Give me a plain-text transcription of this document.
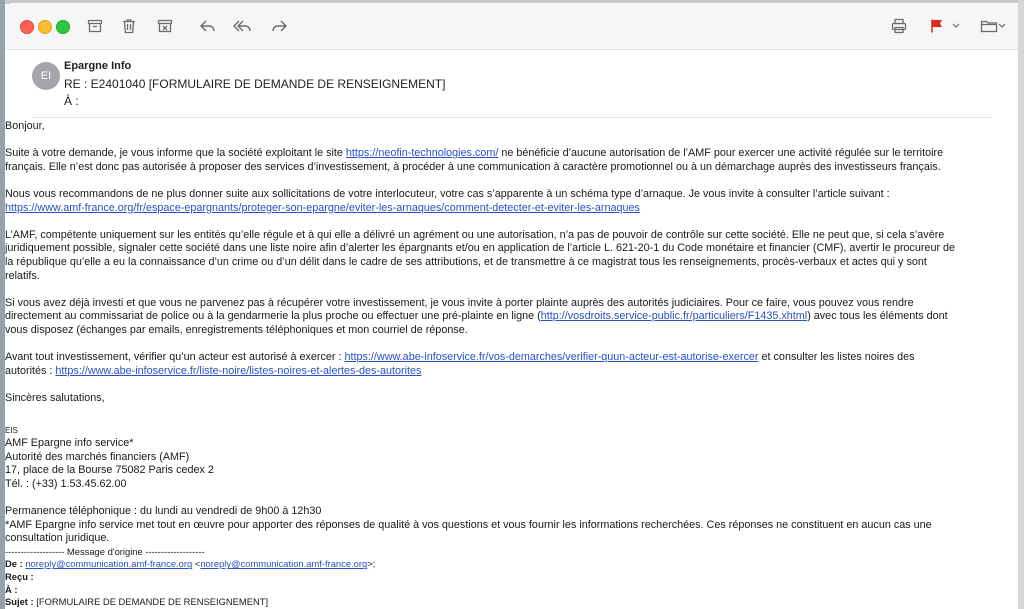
EI
Epargne Info
RE : E2401040 [FORMULAIRE DE DEMANDE DE RENSEIGNEMENT]
À :

Bonjour,

Suite à votre demande, je vous informe que la société exploitant le site https://neofin-technologies.com/ ne bénéficie d’aucune autorisation de l’AMF pour exercer une activité régulée sur le territoire

français. Elle n’est donc pas autorisée à proposer des services d’investissement, à procéder à une communication à caractère promotionnel ou à un démarchage auprès des investisseurs français.

Nous vous recommandons de ne plus donner suite aux sollicitations de votre interlocuteur, votre cas s’apparente à un schéma type d’arnaque. Je vous invite à consulter l’article suivant :

https://www.amf-france.org/fr/espace-epargnants/proteger-son-epargne/eviter-les-arnaques/comment-detecter-et-eviter-les-arnaques

L’AMF, compétente uniquement sur les entités qu’elle régule et à qui elle a délivré un agrément ou une autorisation, n’a pas de pouvoir de contrôle sur cette société. Elle ne peut que, si cela s’avère

juridiquement possible, signaler cette société dans une liste noire afin d’alerter les épargnants et/ou en application de l’article L. 621-20-1 du Code monétaire et financier (CMF), avertir le procureur de

la république qu’elle a eu la connaissance d’un crime ou d’un délit dans le cadre de ses attributions, et de transmettre à ce magistrat tous les renseignements, procès-verbaux et actes qui y sont

relatifs.

Si vous avez déjà investi et que vous ne parvenez pas à récupérer votre investissement, je vous invite à porter plainte auprès des autorités judiciaires. Pour ce faire, vous pouvez vous rendre

directement au commissariat de police ou à la gendarmerie la plus proche ou effectuer une pré-plainte en ligne (http://vosdroits.service-public.fr/particuliers/F1435.xhtml) avec tous les éléments dont

vous disposez (échanges par emails, enregistrements téléphoniques et mon courriel de réponse.

Avant tout investissement, vérifier qu’un acteur est autorisé à exercer : https://www.abe-infoservice.fr/vos-demarches/verifier-quun-acteur-est-autorise-exercer et consulter les listes noires des

autorités : https://www.abe-infoservice.fr/liste-noire/listes-noires-et-alertes-des-autorites

Sincères salutations,

EIS

AMF Epargne info service*

Autorité des marchés financiers (AMF)

17, place de la Bourse 75082 Paris cedex 2

Tél. : (+33) 1.53.45.62.00

Permanence téléphonique : du lundi au vendredi de 9h00 à 12h30

*AMF Epargne info service met tout en œuvre pour apporter des réponses de qualité à vos questions et vous fournir les informations recherchées. Ces réponses ne constituent en aucun cas une

consultation juridique.

------------------- Message d'origine -------------------

De : noreply@communication.amf-france.org <noreply@communication.amf-france.org>;

Reçu :

À :

Sujet : [FORMULAIRE DE DEMANDE DE RENSEIGNEMENT]
